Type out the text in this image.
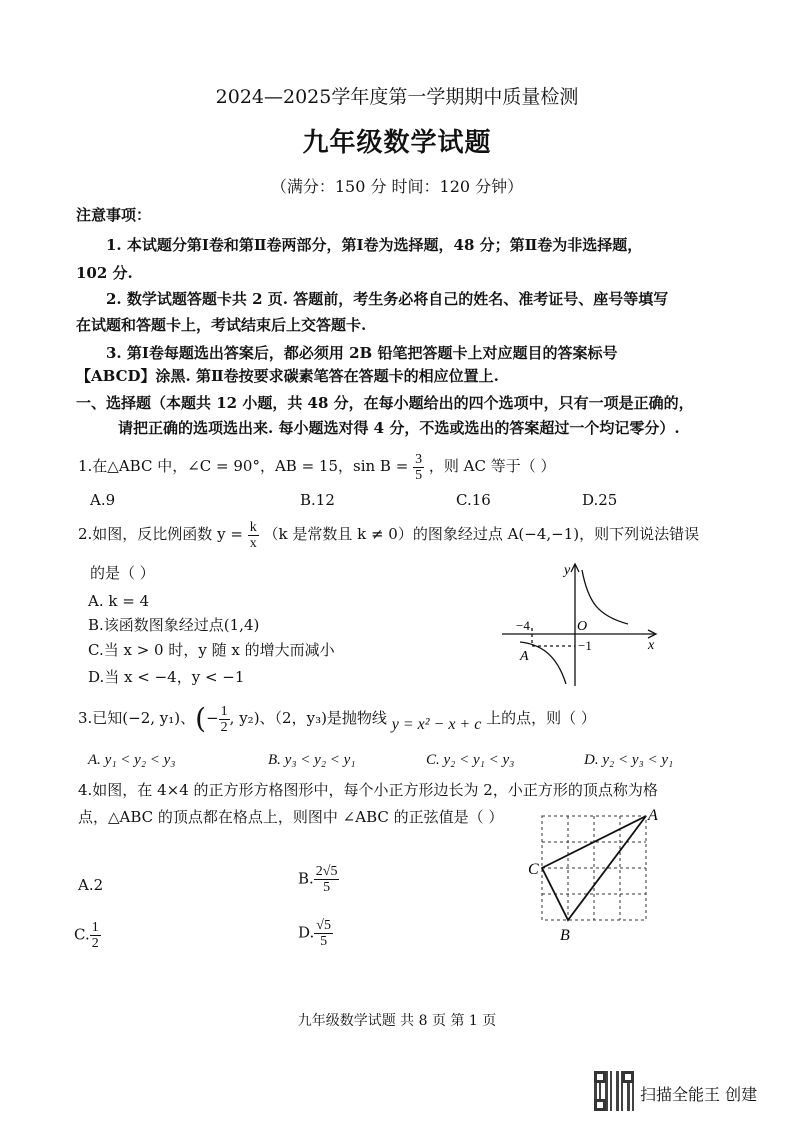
2024—2025学年度第一学期期中质量检测
九年级数学试题
（满分：150 分 时间：120 分钟）
注意事项：
1. 本试题分第Ⅰ卷和第Ⅱ卷两部分，第Ⅰ卷为选择题，48 分；第Ⅱ卷为非选择题，
102 分.
2. 数学试题答题卡共 2 页. 答题前，考生务必将自己的姓名、准考证号、座号等填写
在试题和答题卡上，考试结束后上交答题卡.
3. 第Ⅰ卷每题选出答案后，都必须用 2B 铅笔把答题卡上对应题目的答案标号
【ABCD】涂黑. 第Ⅱ卷按要求碳素笔答在答题卡的相应位置上.
一、选择题（本题共 12 小题，共 48 分，在每小题给出的四个选项中，只有一项是正确的，
请把正确的选项选出来. 每小题选对得 4 分，不选或选出的答案超过一个均记零分）.
1.在△ABC 中，∠C = 90°，AB = 15，$\sin B = \frac{3}{5}$ ，则 AC 等于（ ）
A.9	B.12	C.16	D.25
2.如图，反比例函数 $y = \frac{k}{x} (k$ 是常数且 k ≠ 0）的图象经过点 A(−4,−1)，则下列说法错误
的是（ ）
A. k = 4
B.该函数图象经过点(1,4)
C.当 x > 0 时，y 随 x 的增大而减小
D.当 x < −4，y < −1
y
x
O
−4
−1
A
3.已知(−2, y₁)、(− $\frac{1}{2}$ , y₂)、（2，y₃)是抛物线 y = x² − x + c 上的点，则（ ）
A. y₁ < y₂ < y₃	B. y₃ < y₂ < y₁	C. y₂ < y₁ < y₃	D. y₂ < y₃ < y₁
4.如图，在 4×4 的正方形方格图形中，每个小正方形边长为 2，小正方形的顶点称为格
点，△ABC 的顶点都在格点上，则图中 ∠ABC 的正弦值是（ ）
A.2	B. $\frac{2√5}{5}$
C. $\frac{1}{2}$	D. $\frac{√5}{5}$
A
B
C
九年级数学试题 共 8 页 第 1 页
扫描全能王 创建
